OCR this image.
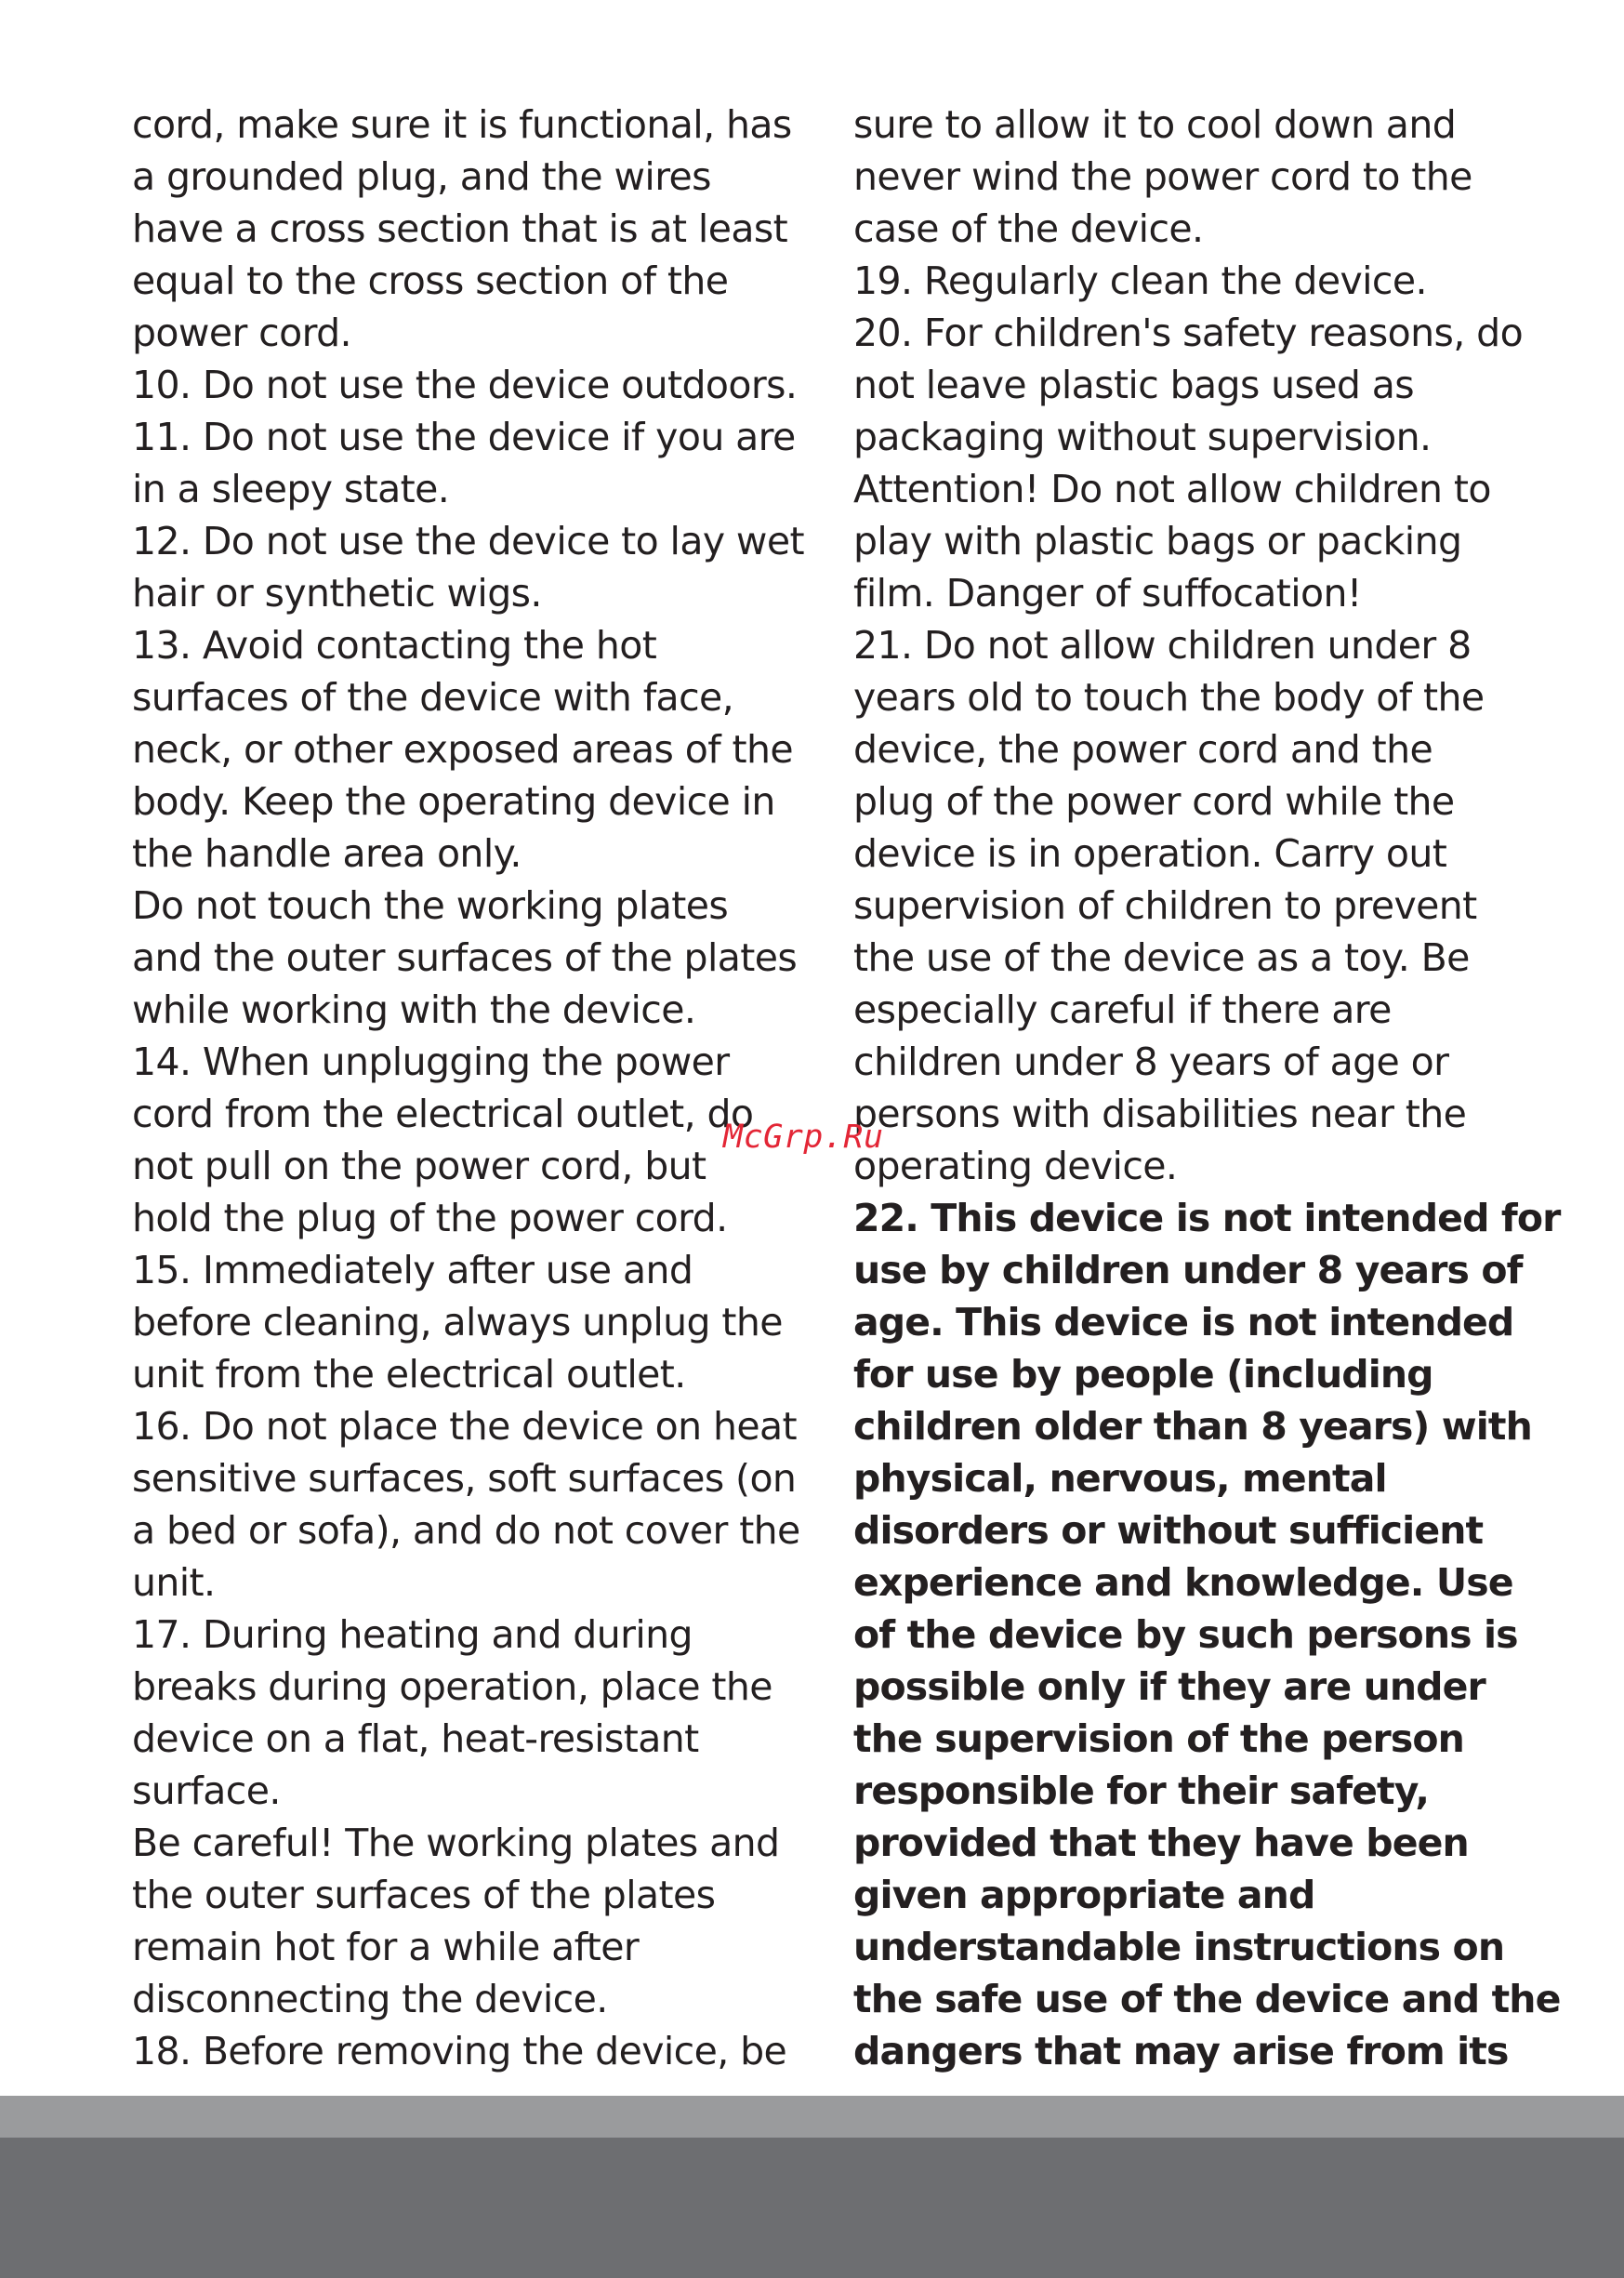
cord, make sure it is functional, has
a grounded plug, and the wires
have a cross section that is at least
equal to the cross section of the
power cord.
10. Do not use the device outdoors.
11. Do not use the device if you are
in a sleepy state.
12. Do not use the device to lay wet
hair or synthetic wigs.
13. Avoid contacting the hot
surfaces of the device with face,
neck, or other exposed areas of the
body. Keep the operating device in
the handle area only.
Do not touch the working plates
and the outer surfaces of the plates
while working with the device.
14. When unplugging the power
cord from the electrical outlet, do
not pull on the power cord, but
hold the plug of the power cord.
15. Immediately after use and
before cleaning, always unplug the
unit from the electrical outlet.
16. Do not place the device on heat
sensitive surfaces, soft surfaces (on
a bed or sofa), and do not cover the
unit.
17. During heating and during
breaks during operation, place the
device on a flat, heat-resistant
surface.
Be careful! The working plates and
the outer surfaces of the plates
remain hot for a while after
disconnecting the device.
18. Before removing the device, be
sure to allow it to cool down and
never wind the power cord to the
case of the device.
19. Regularly clean the device.
20. For children's safety reasons, do
not leave plastic bags used as
packaging without supervision.
Attention! Do not allow children to
play with plastic bags or packing
film. Danger of suffocation!
21. Do not allow children under 8
years old to touch the body of the
device, the power cord and the
plug of the power cord while the
device is in operation. Carry out
supervision of children to prevent
the use of the device as a toy. Be
especially careful if there are
children under 8 years of age or
persons with disabilities near the
operating device.
22. This device is not intended for
use by children under 8 years of
age. This device is not intended
for use by people (including
children older than 8 years) with
physical, nervous, mental
disorders or without sufficient
experience and knowledge. Use
of the device by such persons is
possible only if they are under
the supervision of the person
responsible for their safety,
provided that they have been
given appropriate and
understandable instructions on
the safe use of the device and the
dangers that may arise from its
McGrp.Ru
